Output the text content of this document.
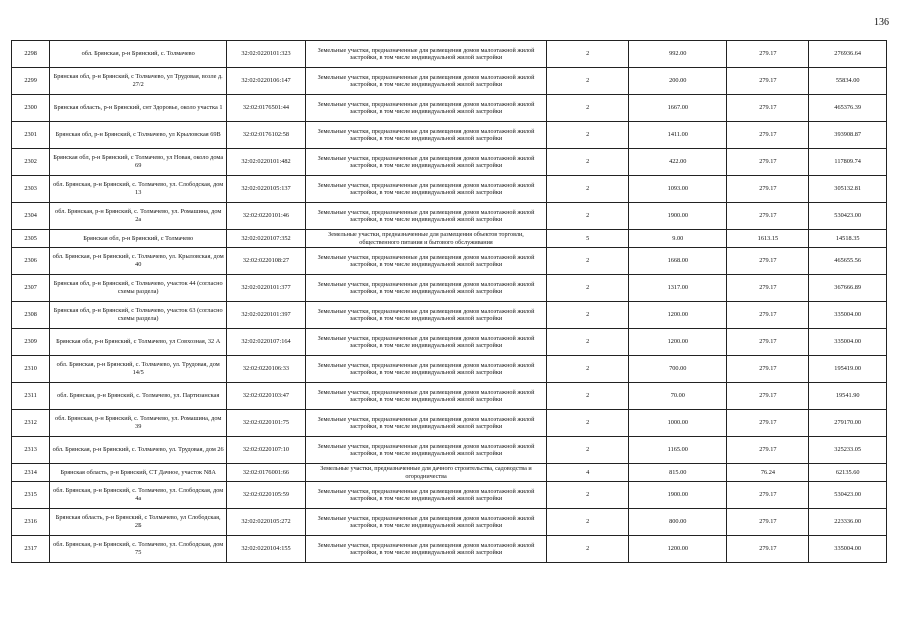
136
2298	обл. Брянская, р-н Брянский, с. Толмачево	32:02:0220101:323	Земельные участки, предназначенные для размещения домов малоэтажной жилой застройки, в том числе индивидуальной жилой застройки	2	992.00	279.17	276936.64
2299	Брянская обл, р-н Брянский, с Толмачево, ул Трудовая, возле д. 27/2	32:02:0220106:147	Земельные участки, предназначенные для размещения домов малоэтажной жилой застройки, в том числе индивидуальной жилой застройки	2	200.00	279.17	55834.00
2300	Брянская область, р-н Брянский, снт Здоровье, около участка 1	32:02:0176501:44	Земельные участки, предназначенные для размещения домов малоэтажной жилой застройки, в том числе индивидуальной жилой застройки	2	1667.00	279.17	465376.39
2301	Брянская обл, р-н Брянский, с Толмачево, ул Крыловская 69В	32:02:0176102:58	Земельные участки, предназначенные для размещения домов малоэтажной жилой застройки, в том числе индивидуальной жилой застройки	2	1411.00	279.17	393908.87
2302	Брянская обл, р-н Брянский, с Толмачево, ул Новая, около дома 69	32:02:0220101:482	Земельные участки, предназначенные для размещения домов малоэтажной жилой застройки, в том числе индивидуальной жилой застройки	2	422.00	279.17	117809.74
2303	обл. Брянская, р-н Брянский, с. Толмачево, ул. Слободская, дом 13	32:02:0220105:137	Земельные участки, предназначенные для размещения домов малоэтажной жилой застройки, в том числе индивидуальной жилой застройки	2	1093.00	279.17	305132.81
2304	обл. Брянская, р-н Брянский, с. Толмачево, ул. Ромашина, дом 2а	32:02:0220101:46	Земельные участки, предназначенные для размещения домов малоэтажной жилой застройки, в том числе индивидуальной жилой застройки	2	1900.00	279.17	530423.00
2305	Брянская обл, р-н Брянский, с Толмачево	32:02:0220107:352	Земельные участки, предназначенные для размещения объектов торговли, общественного питания и бытового обслуживания	5	9.00	1613.15	14518.35
2306	обл. Брянская, р-н Брянский, с. Толмачево, ул. Крыловская, дом 40	32:02:0220108:27	Земельные участки, предназначенные для размещения домов малоэтажной жилой застройки, в том числе индивидуальной жилой застройки	2	1668.00	279.17	465655.56
2307	Брянская обл, р-н Брянский, с Толмачево, участок 44 (согласно схемы раздела)	32:02:0220101:377	Земельные участки, предназначенные для размещения домов малоэтажной жилой застройки, в том числе индивидуальной жилой застройки	2	1317.00	279.17	367666.89
2308	Брянская обл, р-н Брянский, с Толмачево, участок 63 (согласно схемы раздела)	32:02:0220101:397	Земельные участки, предназначенные для размещения домов малоэтажной жилой застройки, в том числе индивидуальной жилой застройки	2	1200.00	279.17	335004.00
2309	Брянская обл, р-н Брянский, с Толмачево, ул Совхозная, 32 А	32:02:0220107:164	Земельные участки, предназначенные для размещения домов малоэтажной жилой застройки, в том числе индивидуальной жилой застройки	2	1200.00	279.17	335004.00
2310	обл. Брянская, р-н Брянский, с. Толмачево, ул. Трудовая, дом 14/5	32:02:0220106:33	Земельные участки, предназначенные для размещения домов малоэтажной жилой застройки, в том числе индивидуальной жилой застройки	2	700.00	279.17	195419.00
2311	обл. Брянская, р-н Брянский, с. Толмачево, ул. Партизанская	32:02:0220103:47	Земельные участки, предназначенные для размещения домов малоэтажной жилой застройки, в том числе индивидуальной жилой застройки	2	70.00	279.17	19541.90
2312	обл. Брянская, р-н Брянский, с. Толмачево, ул. Ромашина, дом 39	32:02:0220101:75	Земельные участки, предназначенные для размещения домов малоэтажной жилой застройки, в том числе индивидуальной жилой застройки	2	1000.00	279.17	279170.00
2313	обл. Брянская, р-н Брянский, с. Толмачево, ул. Трудовая, дом 26	32:02:0220107:10	Земельные участки, предназначенные для размещения домов малоэтажной жилой застройки, в том числе индивидуальной жилой застройки	2	1165.00	279.17	325233.05
2314	Брянская область, р-н Брянский, СТ Дачное, участок N8А	32:02:0176001:66	Земельные участки, предназначенные для дачного строительства, садоводства и огородничества	4	815.00	76.24	62135.60
2315	обл. Брянская, р-н Брянский, с. Толмачево, ул. Слободская, дом 4а	32:02:0220105:59	Земельные участки, предназначенные для размещения домов малоэтажной жилой застройки, в том числе индивидуальной жилой застройки	2	1900.00	279.17	530423.00
2316	Брянская область, р-н Брянский, с Толмачево, ул Слободская, 2Б	32:02:0220105:272	Земельные участки, предназначенные для размещения домов малоэтажной жилой застройки, в том числе индивидуальной жилой застройки	2	800.00	279.17	223336.00
2317	обл. Брянская, р-н Брянский, с. Толмачево, ул. Слободская, дом 75	32:02:0220104:155	Земельные участки, предназначенные для размещения домов малоэтажной жилой застройки, в том числе индивидуальной жилой застройки	2	1200.00	279.17	335004.00
